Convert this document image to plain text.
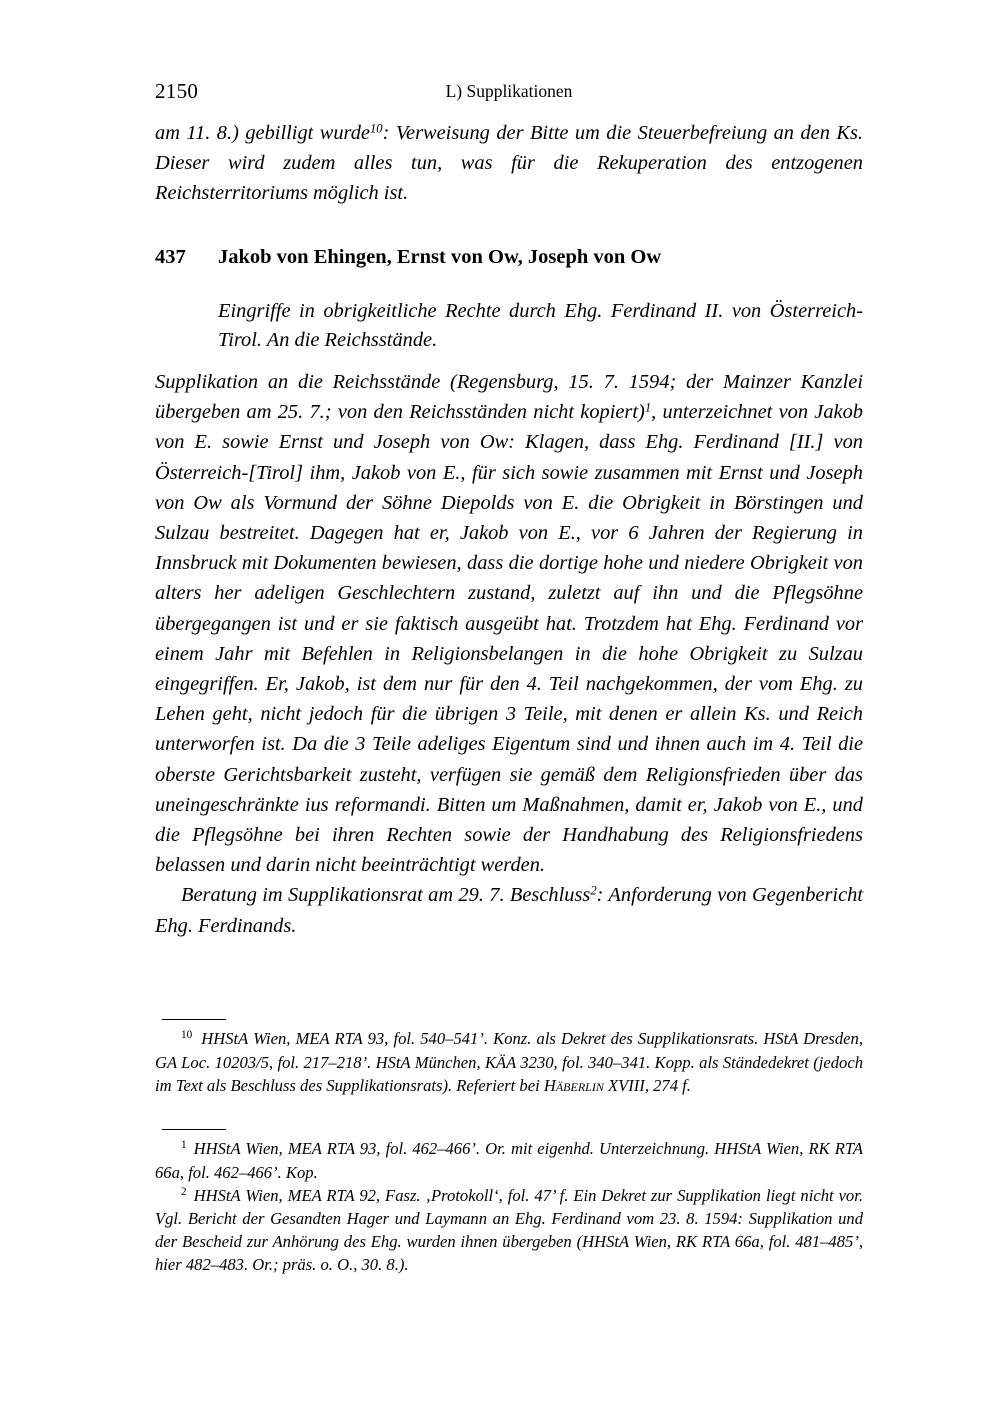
2150	L) Supplikationen

am 11. 8.) gebilligt wurde$^{10}$: Verweisung der Bitte um die Steuerbefreiung an den Ks. Dieser wird zudem alles tun, was für die Rekuperation des entzogenen Reichsterritoriums möglich ist.

437 Jakob von Ehingen, Ernst von Ow, Joseph von Ow
Eingriffe in obrigkeitliche Rechte durch Ehg. Ferdinand II. von Österreich-Tirol. An die Reichsstände.

Supplikation an die Reichsstände (Regensburg, 15. 7. 1594; der Mainzer Kanzlei übergeben am 25. 7.; von den Reichsständen nicht kopiert)$^1$, unterzeichnet von Jakob von E. sowie Ernst und Joseph von Ow: Klagen, dass Ehg. Ferdinand [II.] von Österreich-[Tirol] ihm, Jakob von E., für sich sowie zusammen mit Ernst und Joseph von Ow als Vormund der Söhne Diepolds von E. die Obrigkeit in Börstingen und Sulzau bestreitet. Dagegen hat er, Jakob von E., vor 6 Jahren der Regierung in Innsbruck mit Dokumenten bewiesen, dass die dortige hohe und niedere Obrigkeit von alters her adeligen Geschlechtern zustand, zuletzt auf ihn und die Pflegsöhne übergegangen ist und er sie faktisch ausgeübt hat. Trotzdem hat Ehg. Ferdinand vor einem Jahr mit Befehlen in Religionsbelangen in die hohe Obrigkeit zu Sulzau eingegriffen. Er, Jakob, ist dem nur für den 4. Teil nachgekommen, der vom Ehg. zu Lehen geht, nicht jedoch für die übrigen 3 Teile, mit denen er allein Ks. und Reich unterworfen ist. Da die 3 Teile adeliges Eigentum sind und ihnen auch im 4. Teil die oberste Gerichtsbarkeit zusteht, verfügen sie gemäß dem Religionsfrieden über das uneingeschränkte ius reformandi. Bitten um Maßnahmen, damit er, Jakob von E., und die Pflegsöhne bei ihren Rechten sowie der Handhabung des Religionsfriedens belassen und darin nicht beeinträchtigt werden.

Beratung im Supplikationsrat am 29. 7. Beschluss$^2$: Anforderung von Gegenbericht Ehg. Ferdinands.

$^{10}$ HHStA Wien, MEA RTA 93, fol. 540–541’. Konz. als Dekret des Supplikationsrats. HStA Dresden, GA Loc. 10203/5, fol. 217–218’. HStA München, KÄA 3230, fol. 340–341. Kopp. als Ständedekret (jedoch im Text als Beschluss des Supplikationsrats). Referiert bei Häberlin XVIII, 274 f.

$^1$ HHStA Wien, MEA RTA 93, fol. 462–466’. Or. mit eigenhd. Unterzeichnung. HHStA Wien, RK RTA 66a, fol. 462–466’. Kop.

$^2$ HHStA Wien, MEA RTA 92, Fasz. ‚Protokoll‘, fol. 47’ f. Ein Dekret zur Supplikation liegt nicht vor. Vgl. Bericht der Gesandten Hager und Laymann an Ehg. Ferdinand vom 23. 8. 1594: Supplikation und der Bescheid zur Anhörung des Ehg. wurden ihnen übergeben (HHStA Wien, RK RTA 66a, fol. 481–485’, hier 482–483. Or.; präs. o. O., 30. 8.).
